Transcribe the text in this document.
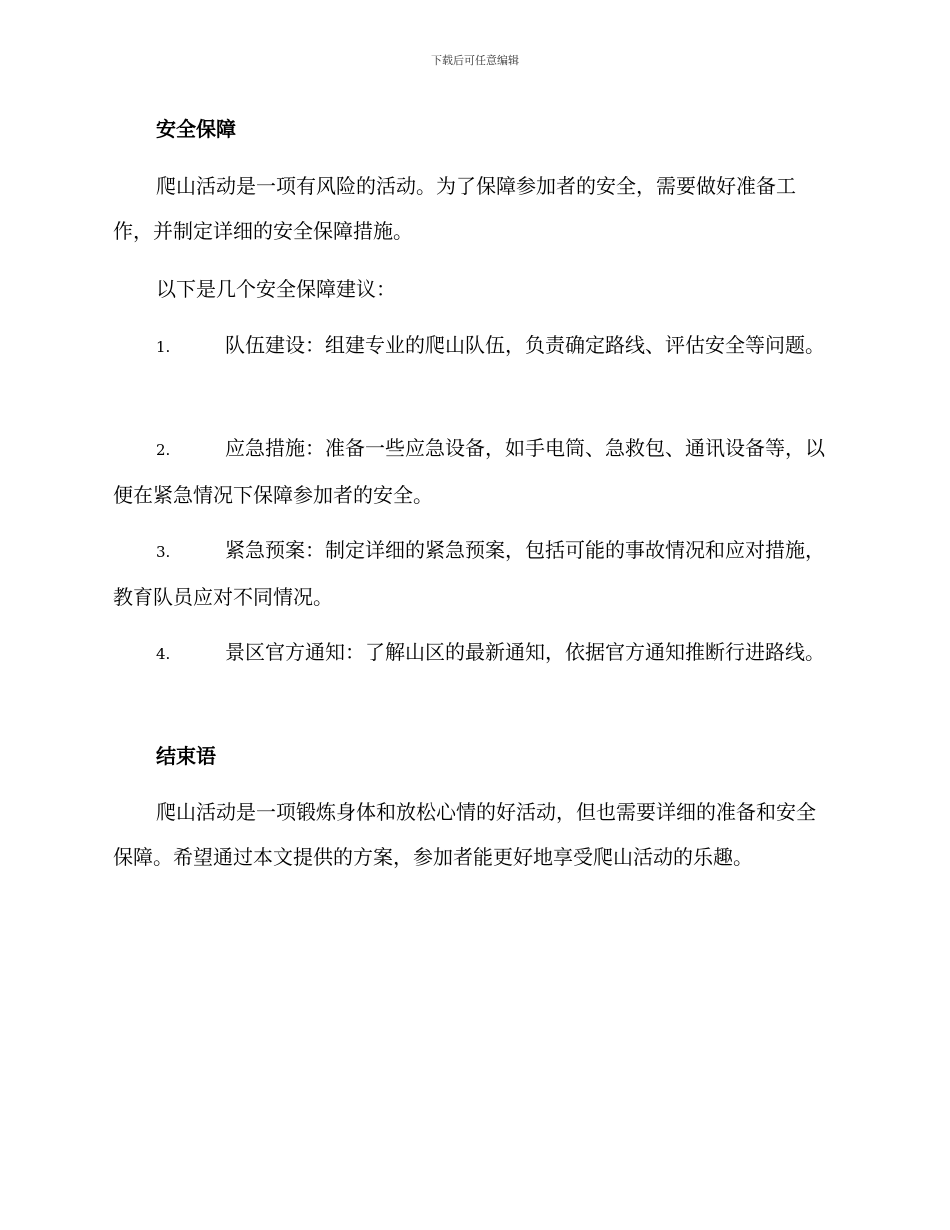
下载后可任意编辑
安全保障
爬山活动是一项有风险的活动。为了保障参加者的安全，需要做好准备工作，并制定详细的安全保障措施。
以下是几个安全保障建议：
1.	队伍建设：组建专业的爬山队伍，负责确定路线、评估安全等问题。
2.	应急措施：准备一些应急设备，如手电筒、急救包、通讯设备等，以便在紧急情况下保障参加者的安全。
3.	紧急预案：制定详细的紧急预案，包括可能的事故情况和应对措施，教育队员应对不同情况。
4.	景区官方通知：了解山区的最新通知，依据官方通知推断行进路线。
结束语
爬山活动是一项锻炼身体和放松心情的好活动，但也需要详细的准备和安全保障。希望通过本文提供的方案，参加者能更好地享受爬山活动的乐趣。
